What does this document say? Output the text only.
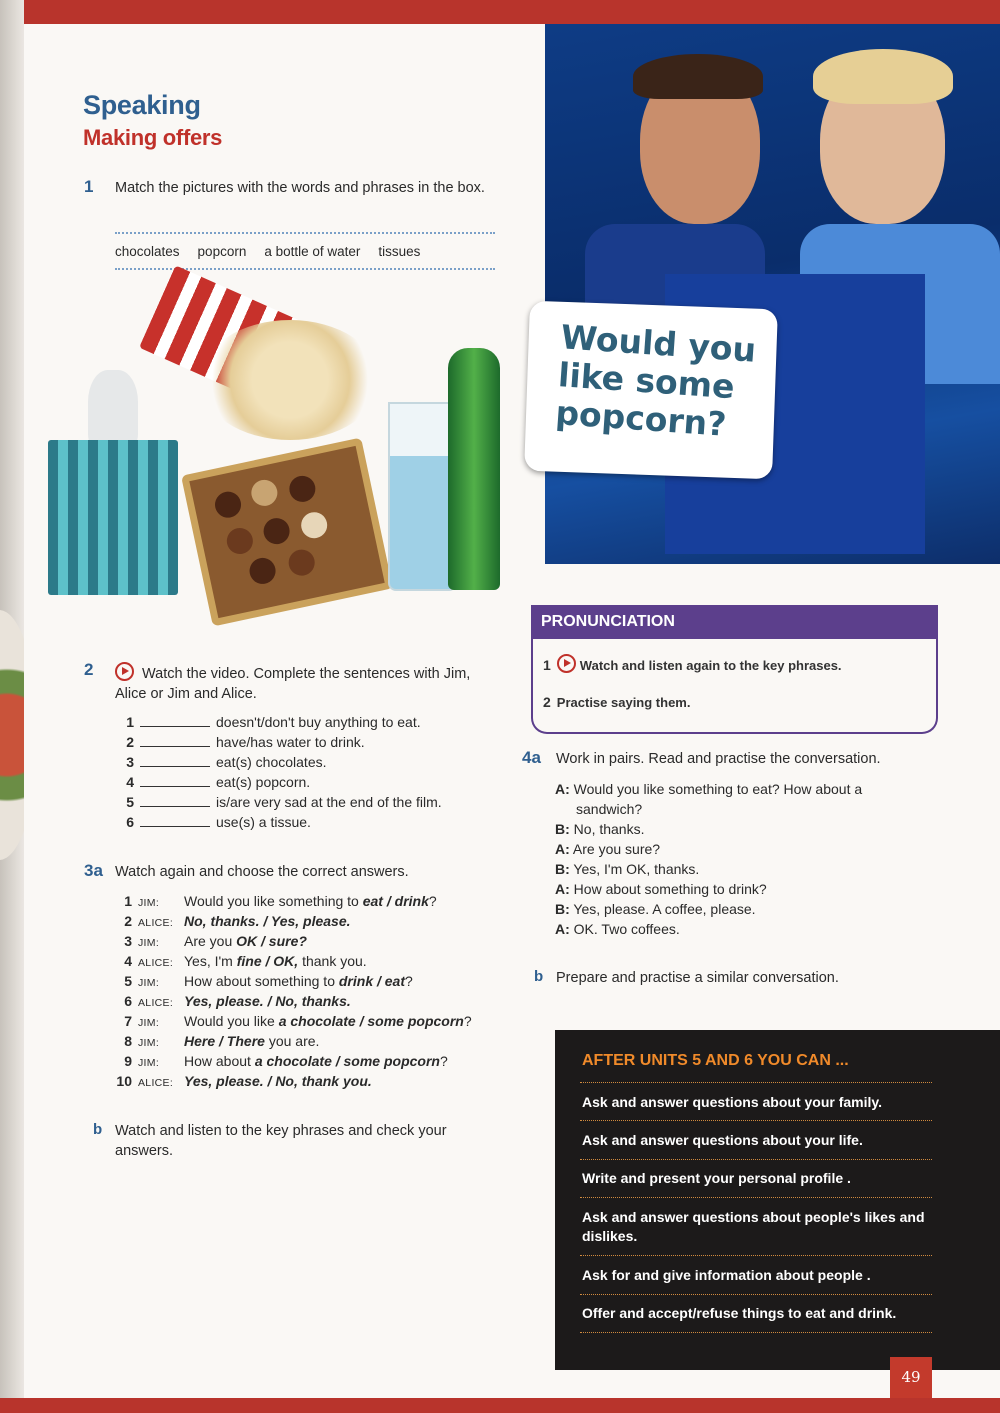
Speaking
Making offers
1 Match the pictures with the words and phrases in the box.
chocolates popcorn a bottle of water tissues
Would you like some popcorn?
2	Watch the video. Complete the sentences with Jim, Alice or Jim and Alice.
1	doesn't/don't buy anything to eat.
2	have/has water to drink.
3	eat(s) chocolates.
4	eat(s) popcorn.
5	is/are very sad at the end of the film.
6	use(s) a tissue.
3a Watch again and choose the correct answers.
1 JIM: Would you like something to eat / drink?
2 ALICE: No, thanks. / Yes, please.
3 JIM: Are you OK / sure?
4 ALICE: Yes, I'm fine / OK, thank you.
5 JIM: How about something to drink / eat?
6 ALICE: Yes, please. / No, thanks.
7 JIM: Would you like a chocolate / some popcorn?
8 JIM: Here / There you are.
9 JIM: How about a chocolate / some popcorn?
10 ALICE: Yes, please. / No, thank you.
b Watch and listen to the key phrases and check your answers.
PRONUNCIATION
1 Watch and listen again to the key phrases.
2 Practise saying them.
4a Work in pairs. Read and practise the conversation.
A: Would you like something to eat? How about a
sandwich?
B: No, thanks.
A: Are you sure?
B: Yes, I'm OK, thanks.
A: How about something to drink?
B: Yes, please. A coffee, please.
A: OK. Two coffees.
b Prepare and practise a similar conversation.
AFTER UNITS 5 AND 6 YOU CAN ...
Ask and answer questions about your family.
Ask and answer questions about your life.
Write and present your personal profile .
Ask and answer questions about people's likes and dislikes.
Ask for and give information about people .
Offer and accept/refuse things to eat and drink.
49
